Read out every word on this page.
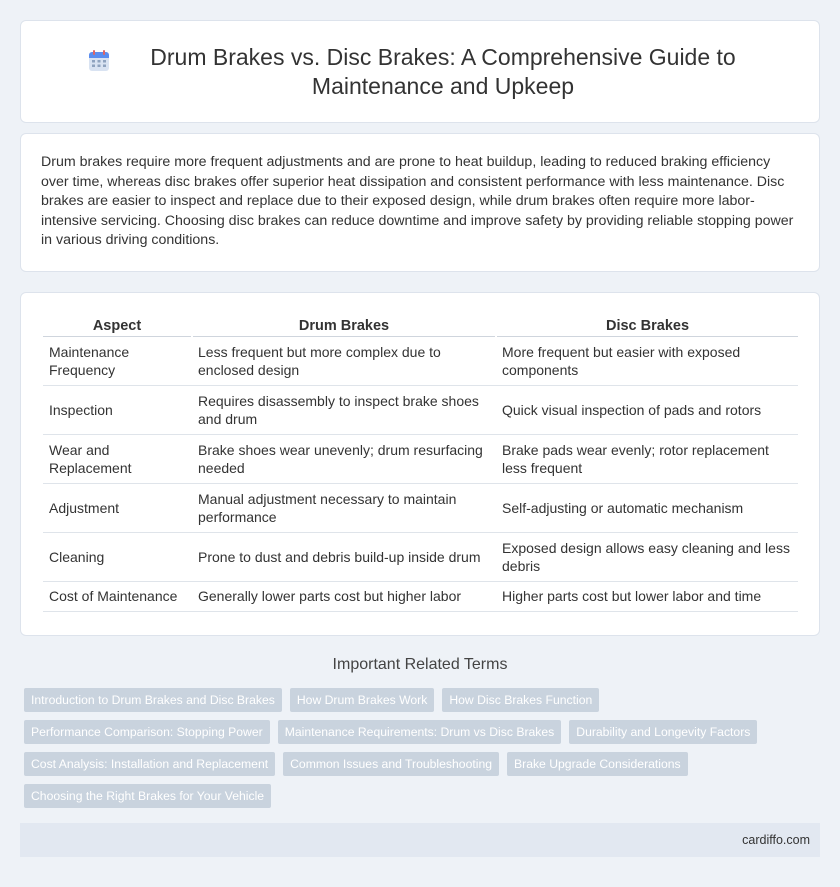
Drum Brakes vs. Disc Brakes: A Comprehensive Guide to Maintenance and Upkeep

Drum brakes require more frequent adjustments and are prone to heat buildup, leading to reduced braking efficiency over time, whereas disc brakes offer superior heat dissipation and consistent performance with less maintenance. Disc brakes are easier to inspect and replace due to their exposed design, while drum brakes often require more labor-intensive servicing. Choosing disc brakes can reduce downtime and improve safety by providing reliable stopping power in various driving conditions.

Aspect	Drum Brakes	Disc Brakes
Maintenance Frequency	Less frequent but more complex due to enclosed design	More frequent but easier with exposed components
Inspection	Requires disassembly to inspect brake shoes and drum	Quick visual inspection of pads and rotors
Wear and Replacement	Brake shoes wear unevenly; drum resurfacing needed	Brake pads wear evenly; rotor replacement less frequent
Adjustment	Manual adjustment necessary to maintain performance	Self-adjusting or automatic mechanism
Cleaning	Prone to dust and debris build-up inside drum	Exposed design allows easy cleaning and less debris
Cost of Maintenance	Generally lower parts cost but higher labor	Higher parts cost but lower labor and time
Important Related Terms
Introduction to Drum Brakes and Disc Brakes	How Drum Brakes Work	How Disc Brakes Function
Performance Comparison: Stopping Power	Maintenance Requirements: Drum vs Disc Brakes	Durability and Longevity Factors
Cost Analysis: Installation and Replacement	Common Issues and Troubleshooting	Brake Upgrade Considerations
Choosing the Right Brakes for Your Vehicle
cardiffo.com
